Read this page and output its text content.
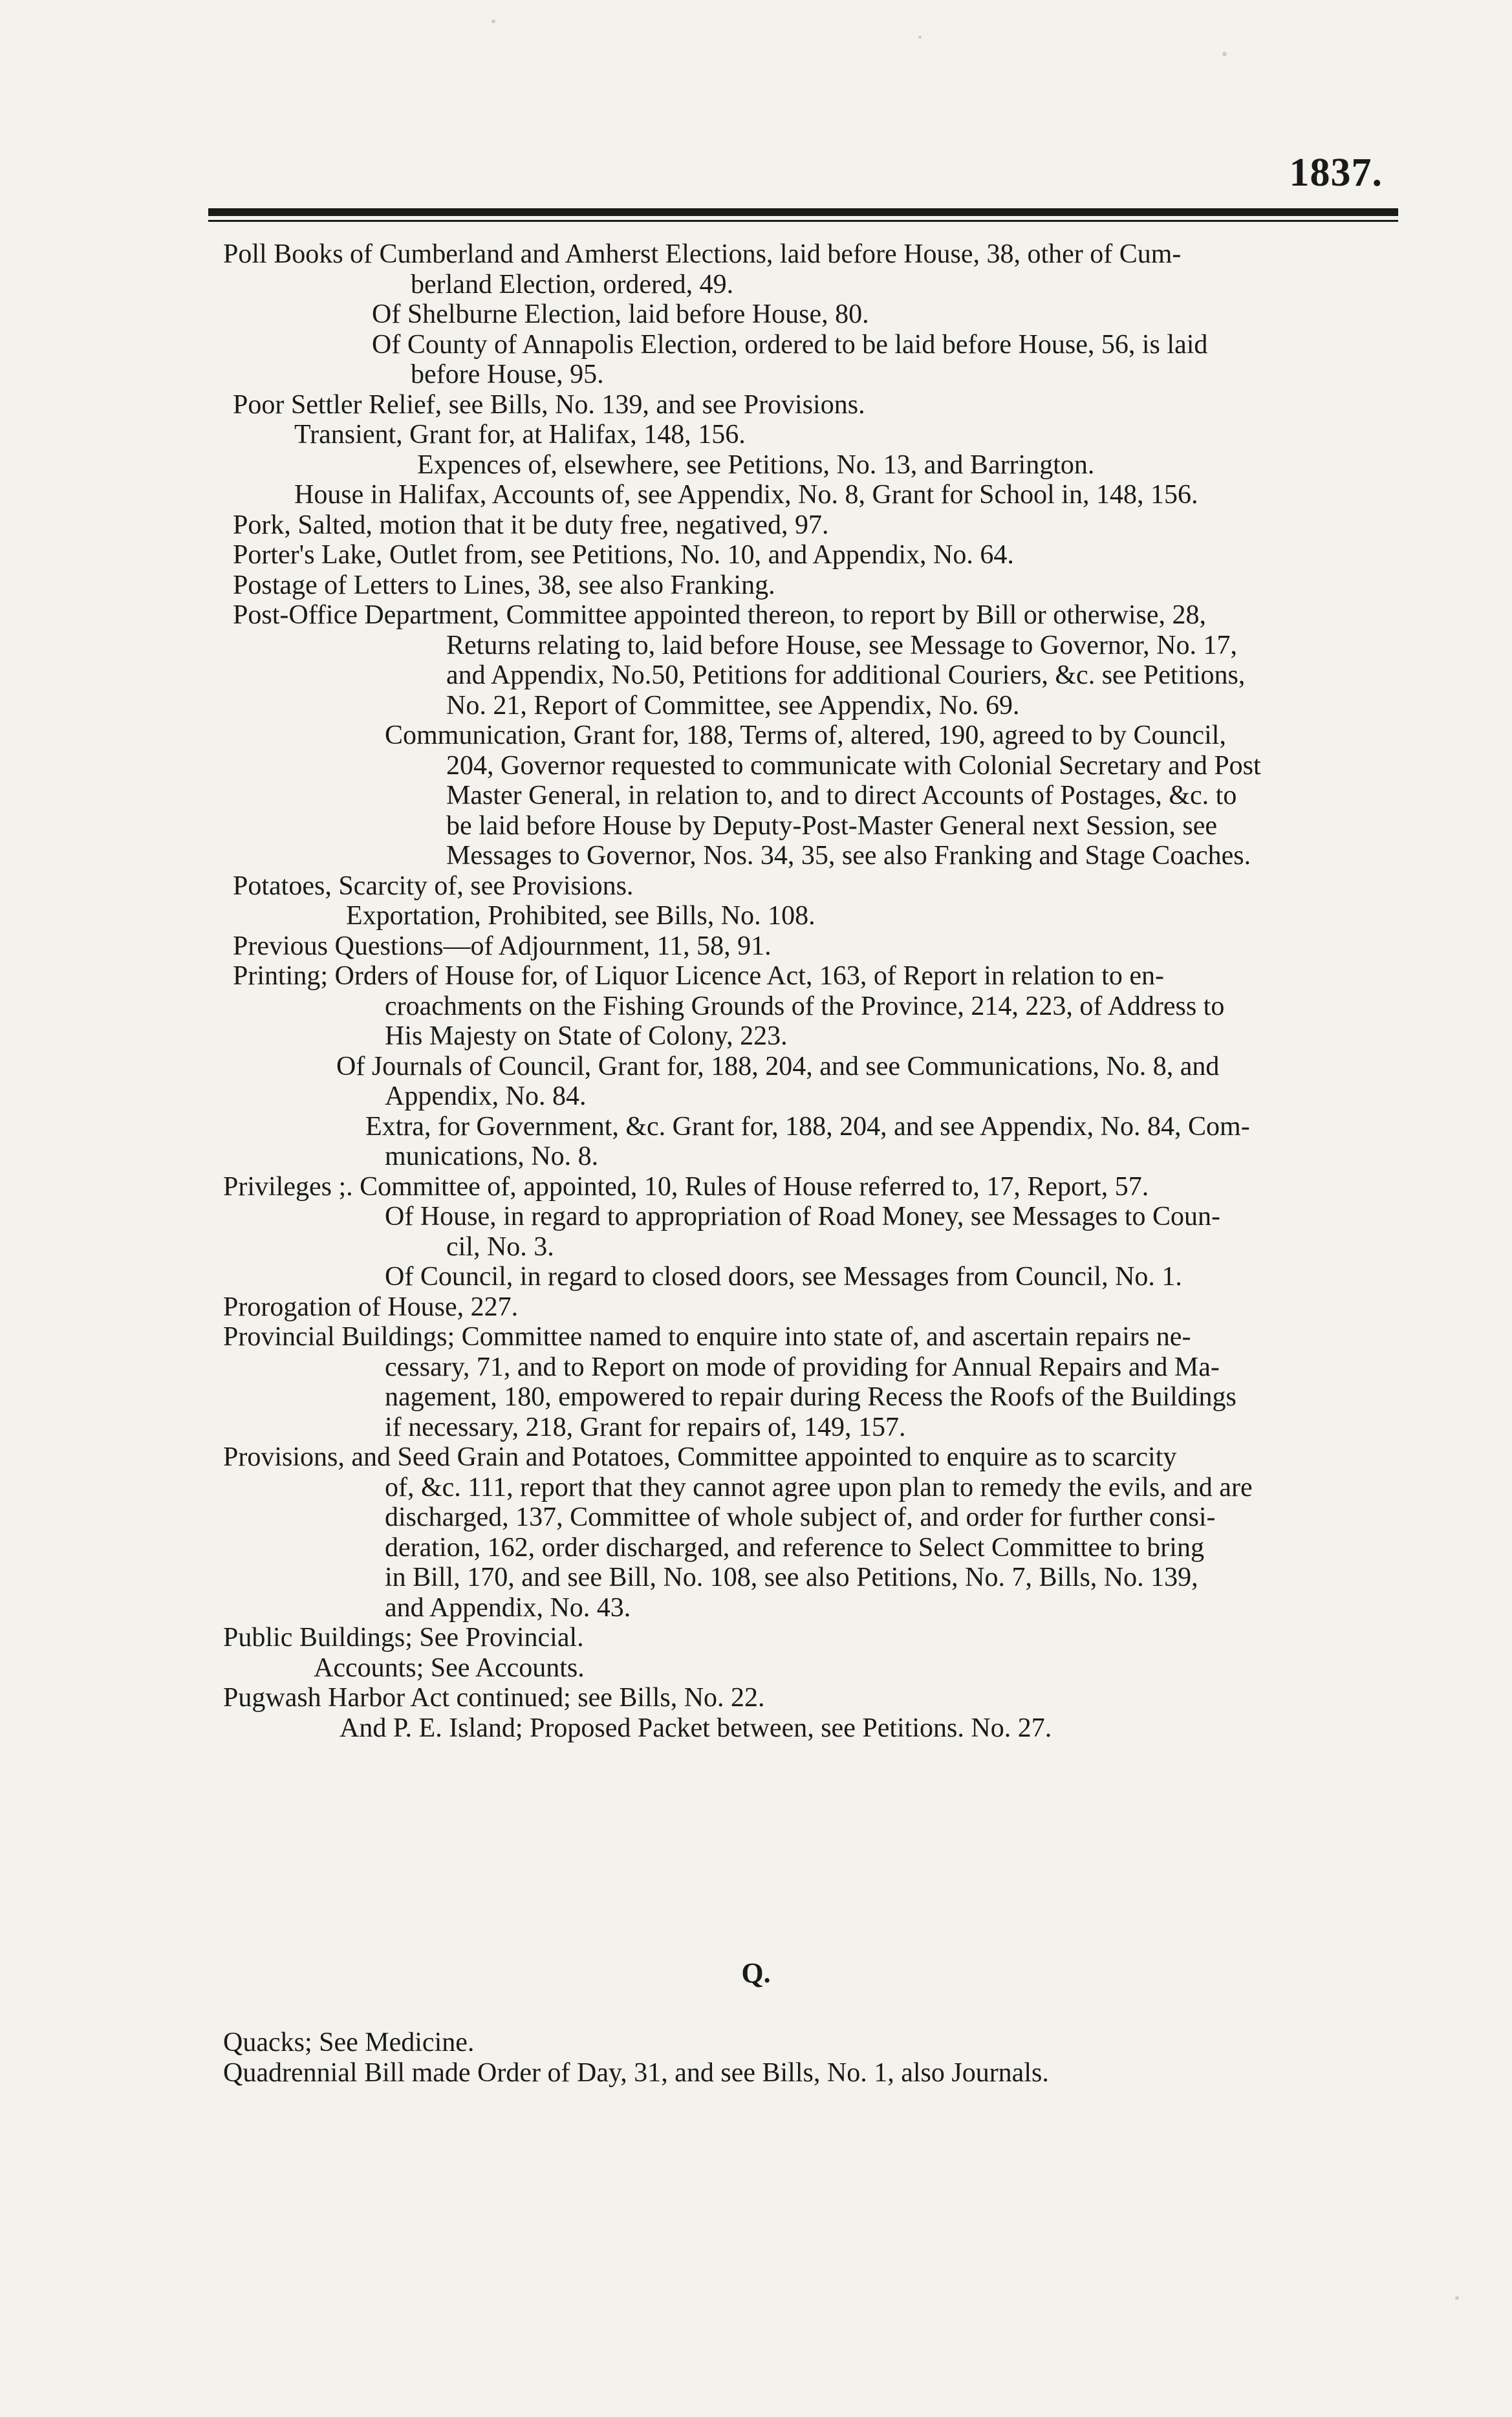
1837.
Poll Books of Cumberland and Amherst Elections, laid before House, 38, other of Cum-
berland Election, ordered, 49.
Of Shelburne Election, laid before House, 80.
Of County of Annapolis Election, ordered to be laid before House, 56, is laid
before House, 95.
Poor Settler Relief, see Bills, No. 139, and see Provisions.
Transient, Grant for, at Halifax, 148, 156.
Expences of, elsewhere, see Petitions, No. 13, and Barrington.
House in Halifax, Accounts of, see Appendix, No. 8, Grant for School in, 148, 156.
Pork, Salted, motion that it be duty free, negatived, 97.
Porter's Lake, Outlet from, see Petitions, No. 10, and Appendix, No. 64.
Postage of Letters to Lines, 38, see also Franking.
Post-Office Department, Committee appointed thereon, to report by Bill or otherwise, 28,
Returns relating to, laid before House, see Message to Governor, No. 17,
and Appendix, No.50, Petitions for additional Couriers, &c. see Petitions,
No. 21, Report of Committee, see Appendix, No. 69.
Communication, Grant for, 188, Terms of, altered, 190, agreed to by Council,
204, Governor requested to communicate with Colonial Secretary and Post
Master General, in relation to, and to direct Accounts of Postages, &c. to
be laid before House by Deputy-Post-Master General next Session, see
Messages to Governor, Nos. 34, 35, see also Franking and Stage Coaches.
Potatoes, Scarcity of, see Provisions.
Exportation, Prohibited, see Bills, No. 108.
Previous Questions—of Adjournment, 11, 58, 91.
Printing; Orders of House for, of Liquor Licence Act, 163, of Report in relation to en-
croachments on the Fishing Grounds of the Province, 214, 223, of Address to
His Majesty on State of Colony, 223.
Of Journals of Council, Grant for, 188, 204, and see Communications, No. 8, and
Appendix, No. 84.
Extra, for Government, &c. Grant for, 188, 204, and see Appendix, No. 84, Com-
munications, No. 8.
Privileges ;. Committee of, appointed, 10, Rules of House referred to, 17, Report, 57.
Of House, in regard to appropriation of Road Money, see Messages to Coun-
cil, No. 3.
Of Council, in regard to closed doors, see Messages from Council, No. 1.
Prorogation of House, 227.
Provincial Buildings; Committee named to enquire into state of, and ascertain repairs ne-
cessary, 71, and to Report on mode of providing for Annual Repairs and Ma-
nagement, 180, empowered to repair during Recess the Roofs of the Buildings
if necessary, 218, Grant for repairs of, 149, 157.
Provisions, and Seed Grain and Potatoes, Committee appointed to enquire as to scarcity
of, &c. 111, report that they cannot agree upon plan to remedy the evils, and are
discharged, 137, Committee of whole subject of, and order for further consi-
deration, 162, order discharged, and reference to Select Committee to bring
in Bill, 170, and see Bill, No. 108, see also Petitions, No. 7, Bills, No. 139,
and Appendix, No. 43.
Public Buildings; See Provincial.
Accounts; See Accounts.
Pugwash Harbor Act continued; see Bills, No. 22.
And P. E. Island; Proposed Packet between, see Petitions. No. 27.
Q.
Quacks; See Medicine.
Quadrennial Bill made Order of Day, 31, and see Bills, No. 1, also Journals.
